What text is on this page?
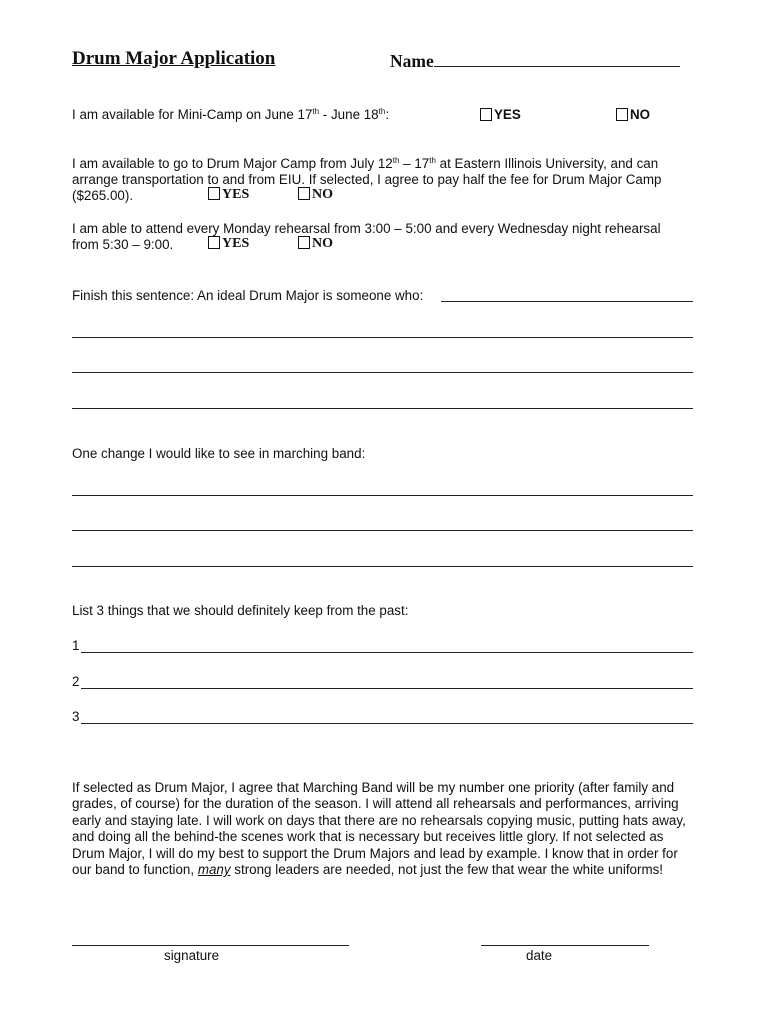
Drum Major Application	Name
I am available for Mini-Camp on June 17th - June 18th:	YES	NO
I am available to go to Drum Major Camp from July 12th – 17th at Eastern Illinois University, and can
arrange transportation to and from EIU. If selected, I agree to pay half the fee for Drum Major Camp
($265.00).	YES	NO
I am able to attend every Monday rehearsal from 3:00 – 5:00 and every Wednesday night rehearsal
from 5:30 – 9:00.	YES	NO
Finish this sentence: An ideal Drum Major is someone who:
One change I would like to see in marching band:
List 3 things that we should definitely keep from the past:
1
2
3
If selected as Drum Major, I agree that Marching Band will be my number one priority (after family and grades, of course) for the duration of the season. I will attend all rehearsals and performances, arriving early and staying late. I will work on days that there are no rehearsals copying music, putting hats away, and doing all the behind-the scenes work that is necessary but receives little glory. If not selected as Drum Major, I will do my best to support the Drum Majors and lead by example. I know that in order for our band to function, many strong leaders are needed, not just the few that wear the white uniforms!
signature	date
